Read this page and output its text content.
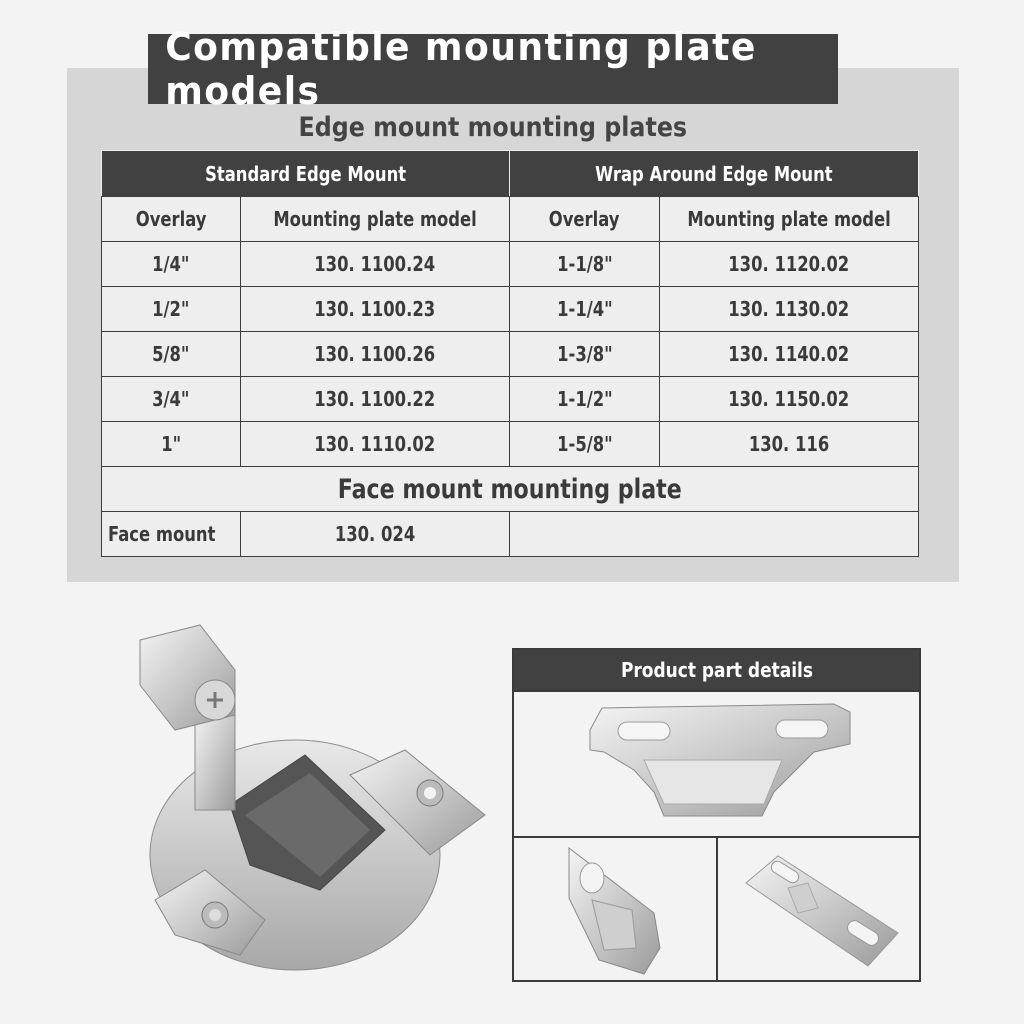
Compatible mounting plate models
Edge mount mounting plates
Standard Edge Mount		Wrap Around Edge Mount	
Overlay	Mounting plate model	Overlay	Mounting plate model
1/4"	130. 1100.24	1-1/8"	130. 1120.02
1/2"	130. 1100.23	1-1/4"	130. 1130.02
5/8"	130. 1100.26	1-3/8"	130. 1140.02
3/4"	130. 1100.22	1-1/2"	130. 1150.02
1"	130. 1110.02	1-5/8"	130. 116
Face mount mounting plate			
Face mount	130. 024		
Product part details
